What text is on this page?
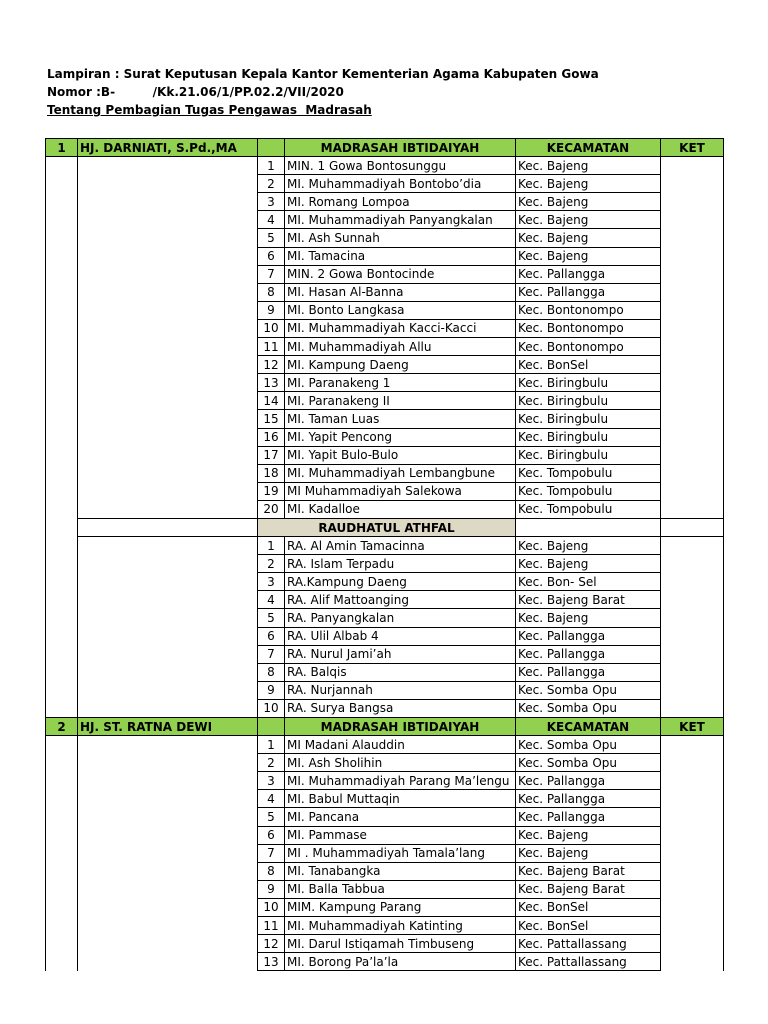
Lampiran : Surat Keputusan Kepala Kantor Kementerian Agama Kabupaten Gowa
Nomor :B-         /Kk.21.06/1/PP.02.2/VII/2020
Tentang Pembagian Tugas Pengawas  Madrasah
1	HJ. DARNIATI, S.Pd.,MA		MADRASAH IBTIDAIYAH	KECAMATAN	KET
		1	MIN. 1 Gowa Bontosunggu	Kec. Bajeng	
		2	MI. Muhammadiyah Bontobo’dia	Kec. Bajeng	
		3	MI. Romang Lompoa	Kec. Bajeng	
		4	MI. Muhammadiyah Panyangkalan	Kec. Bajeng	
		5	MI. Ash Sunnah	Kec. Bajeng	
		6	MI. Tamacina	Kec. Bajeng	
		7	MIN. 2 Gowa Bontocinde	Kec. Pallangga	
		8	MI. Hasan Al-Banna	Kec. Pallangga	
		9	MI. Bonto Langkasa	Kec. Bontonompo	
		10	MI. Muhammadiyah Kacci-Kacci	Kec. Bontonompo	
		11	MI. Muhammadiyah Allu	Kec. Bontonompo	
		12	MI. Kampung Daeng	Kec. BonSel	
		13	MI. Paranakeng 1	Kec. Biringbulu	
		14	MI. Paranakeng II	Kec. Biringbulu	
		15	MI. Taman Luas	Kec. Biringbulu	
		16	MI. Yapit Pencong	Kec. Biringbulu	
		17	MI. Yapit Bulo-Bulo	Kec. Biringbulu	
		18	MI. Muhammadiyah Lembangbune	Kec. Tompobulu	
		19	MI Muhammadiyah Salekowa	Kec. Tompobulu	
		20	MI. Kadalloe	Kec. Tompobulu	
		RAUDHATUL ATHFAL			
		1	RA. Al Amin Tamacinna	Kec. Bajeng	
		2	RA. Islam Terpadu	Kec. Bajeng	
		3	RA.Kampung Daeng	Kec. Bon- Sel	
		4	RA. Alif Mattoanging	Kec. Bajeng Barat	
		5	RA. Panyangkalan	Kec. Bajeng	
		6	RA. Ulil Albab 4	Kec. Pallangga	
		7	RA. Nurul Jami’ah	Kec. Pallangga	
		8	RA. Balqis	Kec. Pallangga	
		9	RA. Nurjannah	Kec. Somba Opu	
		10	RA. Surya Bangsa	Kec. Somba Opu	
2	HJ. ST. RATNA DEWI		MADRASAH IBTIDAIYAH	KECAMATAN	KET
		1	MI Madani Alauddin	Kec. Somba Opu	
		2	MI. Ash Sholihin	Kec. Somba Opu	
		3	MI. Muhammadiyah Parang Ma’lengu	Kec. Pallangga	
		4	MI. Babul Muttaqin	Kec. Pallangga	
		5	MI. Pancana	Kec. Pallangga	
		6	MI. Pammase	Kec. Bajeng	
		7	MI . Muhammadiyah Tamala’lang	Kec. Bajeng	
		8	MI. Tanabangka	Kec. Bajeng Barat	
		9	MI. Balla Tabbua	Kec. Bajeng Barat	
		10	MIM. Kampung Parang	Kec. BonSel	
		11	MI. Muhammadiyah Katinting	Kec. BonSel	
		12	MI. Darul Istiqamah Timbuseng	Kec. Pattallassang	
		13	MI. Borong Pa’la’la	Kec. Pattallassang	
